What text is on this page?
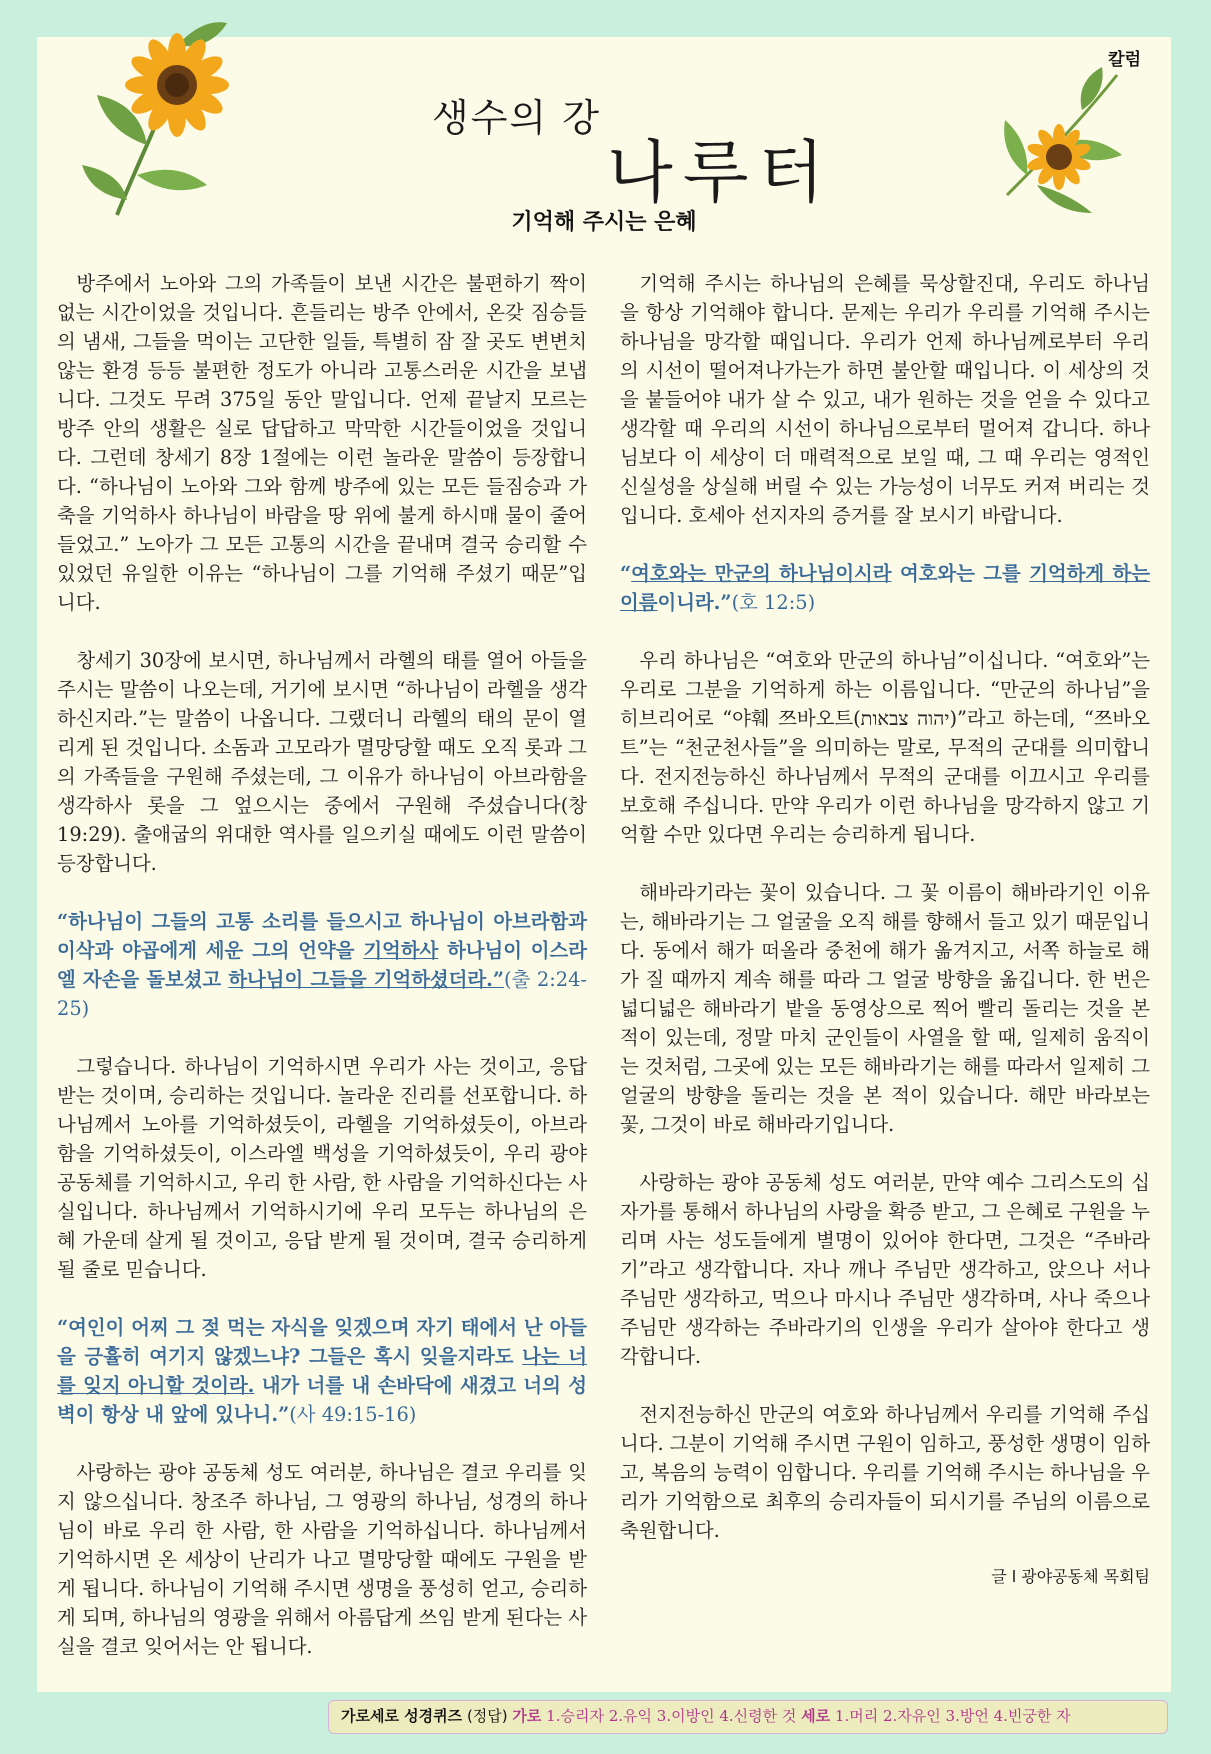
칼럼
생수의 강
나루터
기억해 주시는 은혜

방주에서 노아와 그의 가족들이 보낸 시간은 불편하기 짝이 없는 시간이었을 것입니다. 흔들리는 방주 안에서, 온갖 짐승들의 냄새, 그들을 먹이는 고단한 일들, 특별히 잠 잘 곳도 변변치 않는 환경 등등 불편한 정도가 아니라 고통스러운 시간을 보냅니다. 그것도 무려 375일 동안 말입니다. 언제 끝날지 모르는 방주 안의 생활은 실로 답답하고 막막한 시간들이었을 것입니다. 그런데 창세기 8장 1절에는 이런 놀라운 말씀이 등장합니다. “하나님이 노아와 그와 함께 방주에 있는 모든 들짐승과 가축을 기억하사 하나님이 바람을 땅 위에 불게 하시매 물이 줄어들었고.” 노아가 그 모든 고통의 시간을 끝내며 결국 승리할 수 있었던 유일한 이유는 “하나님이 그를 기억해 주셨기 때문”입니다.

창세기 30장에 보시면, 하나님께서 라헬의 태를 열어 아들을 주시는 말씀이 나오는데, 거기에 보시면 “하나님이 라헬을 생각하신지라.”는 말씀이 나옵니다. 그랬더니 라헬의 태의 문이 열리게 된 것입니다. 소돔과 고모라가 멸망당할 때도 오직 롯과 그의 가족들을 구원해 주셨는데, 그 이유가 하나님이 아브라함을 생각하사 롯을 그 엎으시는 중에서 구원해 주셨습니다(창 19:29). 출애굽의 위대한 역사를 일으키실 때에도 이런 말씀이 등장합니다.

“하나님이 그들의 고통 소리를 들으시고 하나님이 아브라함과 이삭과 야곱에게 세운 그의 언약을 기억하사 하나님이 이스라엘 자손을 돌보셨고 하나님이 그들을 기억하셨더라.”(출 2:24-25)

그렇습니다. 하나님이 기억하시면 우리가 사는 것이고, 응답받는 것이며, 승리하는 것입니다. 놀라운 진리를 선포합니다. 하나님께서 노아를 기억하셨듯이, 라헬을 기억하셨듯이, 아브라함을 기억하셨듯이, 이스라엘 백성을 기억하셨듯이, 우리 광야 공동체를 기억하시고, 우리 한 사람, 한 사람을 기억하신다는 사실입니다. 하나님께서 기억하시기에 우리 모두는 하나님의 은혜 가운데 살게 될 것이고, 응답 받게 될 것이며, 결국 승리하게 될 줄로 믿습니다.

“여인이 어찌 그 젖 먹는 자식을 잊겠으며 자기 태에서 난 아들을 긍휼히 여기지 않겠느냐? 그들은 혹시 잊을지라도 나는 너를 잊지 아니할 것이라. 내가 너를 내 손바닥에 새겼고 너의 성벽이 항상 내 앞에 있나니.”(사 49:15-16)

사랑하는 광야 공동체 성도 여러분, 하나님은 결코 우리를 잊지 않으십니다. 창조주 하나님, 그 영광의 하나님, 성경의 하나님이 바로 우리 한 사람, 한 사람을 기억하십니다. 하나님께서 기억하시면 온 세상이 난리가 나고 멸망당할 때에도 구원을 받게 됩니다. 하나님이 기억해 주시면 생명을 풍성히 얻고, 승리하게 되며, 하나님의 영광을 위해서 아름답게 쓰임 받게 된다는 사실을 결코 잊어서는 안 됩니다.

기억해 주시는 하나님의 은혜를 묵상할진대, 우리도 하나님을 항상 기억해야 합니다. 문제는 우리가 우리를 기억해 주시는 하나님을 망각할 때입니다. 우리가 언제 하나님께로부터 우리의 시선이 떨어져나가는가 하면 불안할 때입니다. 이 세상의 것을 붙들어야 내가 살 수 있고, 내가 원하는 것을 얻을 수 있다고 생각할 때 우리의 시선이 하나님으로부터 멀어져 갑니다. 하나님보다 이 세상이 더 매력적으로 보일 때, 그 때 우리는 영적인 신실성을 상실해 버릴 수 있는 가능성이 너무도 커져 버리는 것입니다. 호세아 선지자의 증거를 잘 보시기 바랍니다.

“여호와는 만군의 하나님이시라 여호와는 그를 기억하게 하는 이름이니라.”(호 12:5)

우리 하나님은 “여호와 만군의 하나님”이십니다. “여호와”는 우리로 그분을 기억하게 하는 이름입니다. “만군의 하나님”을 히브리어로 “야훼 쯔바오트(יהוה צבאות)”라고 하는데, “쯔바오트”는 “천군천사들”을 의미하는 말로, 무적의 군대를 의미합니다. 전지전능하신 하나님께서 무적의 군대를 이끄시고 우리를 보호해 주십니다. 만약 우리가 이런 하나님을 망각하지 않고 기억할 수만 있다면 우리는 승리하게 됩니다.

해바라기라는 꽃이 있습니다. 그 꽃 이름이 해바라기인 이유는, 해바라기는 그 얼굴을 오직 해를 향해서 들고 있기 때문입니다. 동에서 해가 떠올라 중천에 해가 옮겨지고, 서쪽 하늘로 해가 질 때까지 계속 해를 따라 그 얼굴 방향을 옮깁니다. 한 번은 넓디넓은 해바라기 밭을 동영상으로 찍어 빨리 돌리는 것을 본 적이 있는데, 정말 마치 군인들이 사열을 할 때, 일제히 움직이는 것처럼, 그곳에 있는 모든 해바라기는 해를 따라서 일제히 그 얼굴의 방향을 돌리는 것을 본 적이 있습니다. 해만 바라보는 꽃, 그것이 바로 해바라기입니다.

사랑하는 광야 공동체 성도 여러분, 만약 예수 그리스도의 십자가를 통해서 하나님의 사랑을 확증 받고, 그 은혜로 구원을 누리며 사는 성도들에게 별명이 있어야 한다면, 그것은 “주바라기”라고 생각합니다. 자나 깨나 주님만 생각하고, 앉으나 서나 주님만 생각하고, 먹으나 마시나 주님만 생각하며, 사나 죽으나 주님만 생각하는 주바라기의 인생을 우리가 살아야 한다고 생각합니다.

전지전능하신 만군의 여호와 하나님께서 우리를 기억해 주십니다. 그분이 기억해 주시면 구원이 임하고, 풍성한 생명이 임하고, 복음의 능력이 임합니다. 우리를 기억해 주시는 하나님을 우리가 기억함으로 최후의 승리자들이 되시기를 주님의 이름으로 축원합니다.

글 l 광야공동체 목회팀
가로세로 성경퀴즈 (정답) 가로 1.승리자 2.유익 3.이방인 4.신령한 것 세로 1.머리 2.자유인 3.방언 4.빈궁한 자
